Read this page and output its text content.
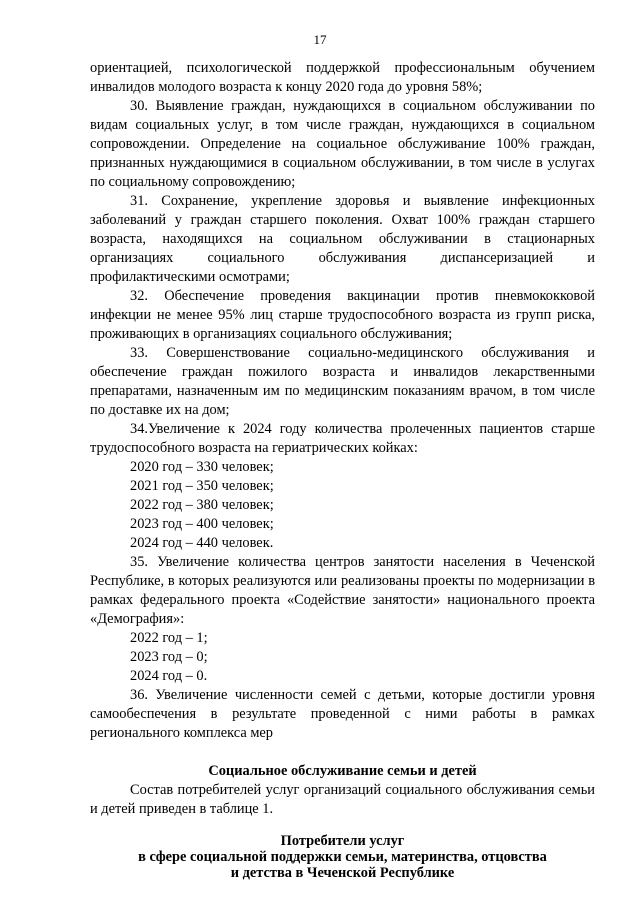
17

ориентацией, психологической поддержкой профессиональным обучением инвалидов молодого возраста к концу 2020 года до уровня 58%;

30. Выявление граждан, нуждающихся в социальном обслуживании по видам социальных услуг, в том числе граждан, нуждающихся в социальном сопровождении. Определение на социальное обслуживание 100% граждан, признанных нуждающимися в социальном обслуживании, в том числе в услугах по социальному сопровождению;

31. Сохранение, укрепление здоровья и выявление инфекционных заболеваний у граждан старшего поколения. Охват 100% граждан старшего возраста, находящихся на социальном обслуживании в стационарных организациях социального обслуживания диспансеризацией и профилактическими осмотрами;

32. Обеспечение проведения вакцинации против пневмококковой инфекции не менее 95% лиц старше трудоспособного возраста из групп риска, проживающих в организациях социального обслуживания;

33. Совершенствование социально-медицинского обслуживания и обеспечение граждан пожилого возраста и инвалидов лекарственными препаратами, назначенным им по медицинским показаниям врачом, в том числе по доставке их на дом;

34.Увеличение к 2024 году количества пролеченных пациентов старше трудоспособного возраста на гериатрических койках:

2020 год – 330 человек;

2021 год – 350 человек;

2022 год – 380 человек;

2023 год – 400 человек;

2024 год – 440 человек.

35. Увеличение количества центров занятости населения в Чеченской Республике, в которых реализуются или реализованы проекты по модернизации в рамках федерального проекта «Содействие занятости» национального проекта «Демография»:

2022 год – 1;

2023 год – 0;

2024 год – 0.

36. Увеличение численности семей с детьми, которые достигли уровня самообеспечения в результате проведенной с ними работы в рамках регионального комплекса мер

Социальное обслуживание семьи и детей

Состав потребителей услуг организаций социального обслуживания семьи и детей приведен в таблице 1.

Потребители услуг
в сфере социальной поддержки семьи, материнства, отцовства
и детства в Чеченской Республике
